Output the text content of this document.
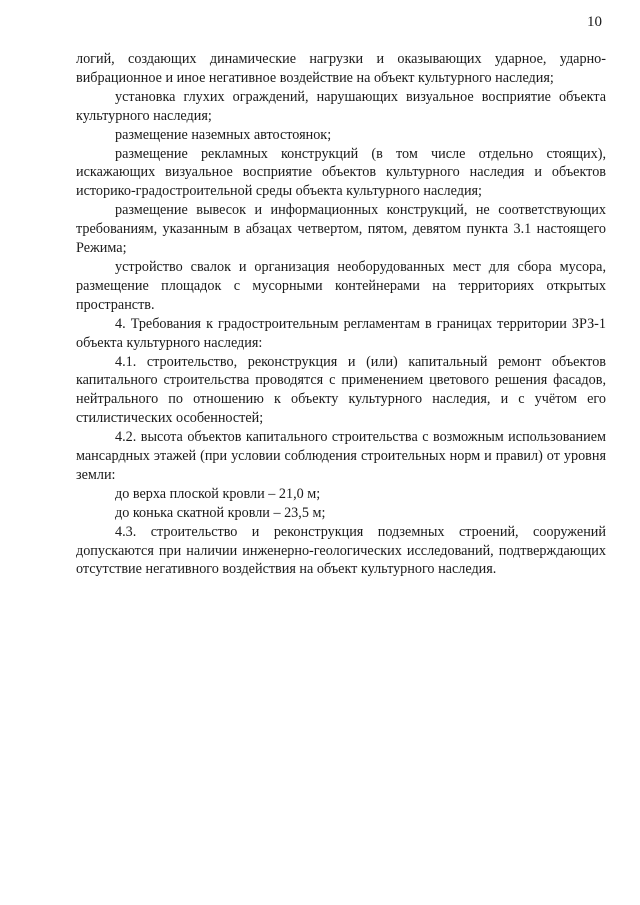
10

логий, создающих динамические нагрузки и оказывающих ударное, ударно-вибрационное и иное негативное воздействие на объект культурного наследия;

установка глухих ограждений, нарушающих визуальное восприятие объекта культурного наследия;

размещение наземных автостоянок;

размещение рекламных конструкций (в том числе отдельно стоящих), искажающих визуальное восприятие объектов культурного наследия и объектов историко-градостроительной среды объекта культурного наследия;

размещение вывесок и информационных конструкций, не соответствующих требованиям, указанным в абзацах четвертом, пятом, девятом пункта 3.1 настоящего Режима;

устройство свалок и организация необорудованных мест для сбора мусора, размещение площадок с мусорными контейнерами на территориях открытых пространств.

4. Требования к градостроительным регламентам в границах территории ЗРЗ-1 объекта культурного наследия:

4.1. строительство, реконструкция и (или) капитальный ремонт объектов капитального строительства проводятся с применением цветового решения фасадов, нейтрального по отношению к объекту культурного наследия, и с учётом его стилистических особенностей;

4.2. высота объектов капитального строительства с возможным использованием мансардных этажей (при условии соблюдения строительных норм и правил) от уровня земли:

до верха плоской кровли – 21,0 м;

до конька скатной кровли – 23,5 м;

4.3. строительство и реконструкция подземных строений, сооружений допускаются при наличии инженерно-геологических исследований, подтверждающих отсутствие негативного воздействия на объект культурного наследия.
